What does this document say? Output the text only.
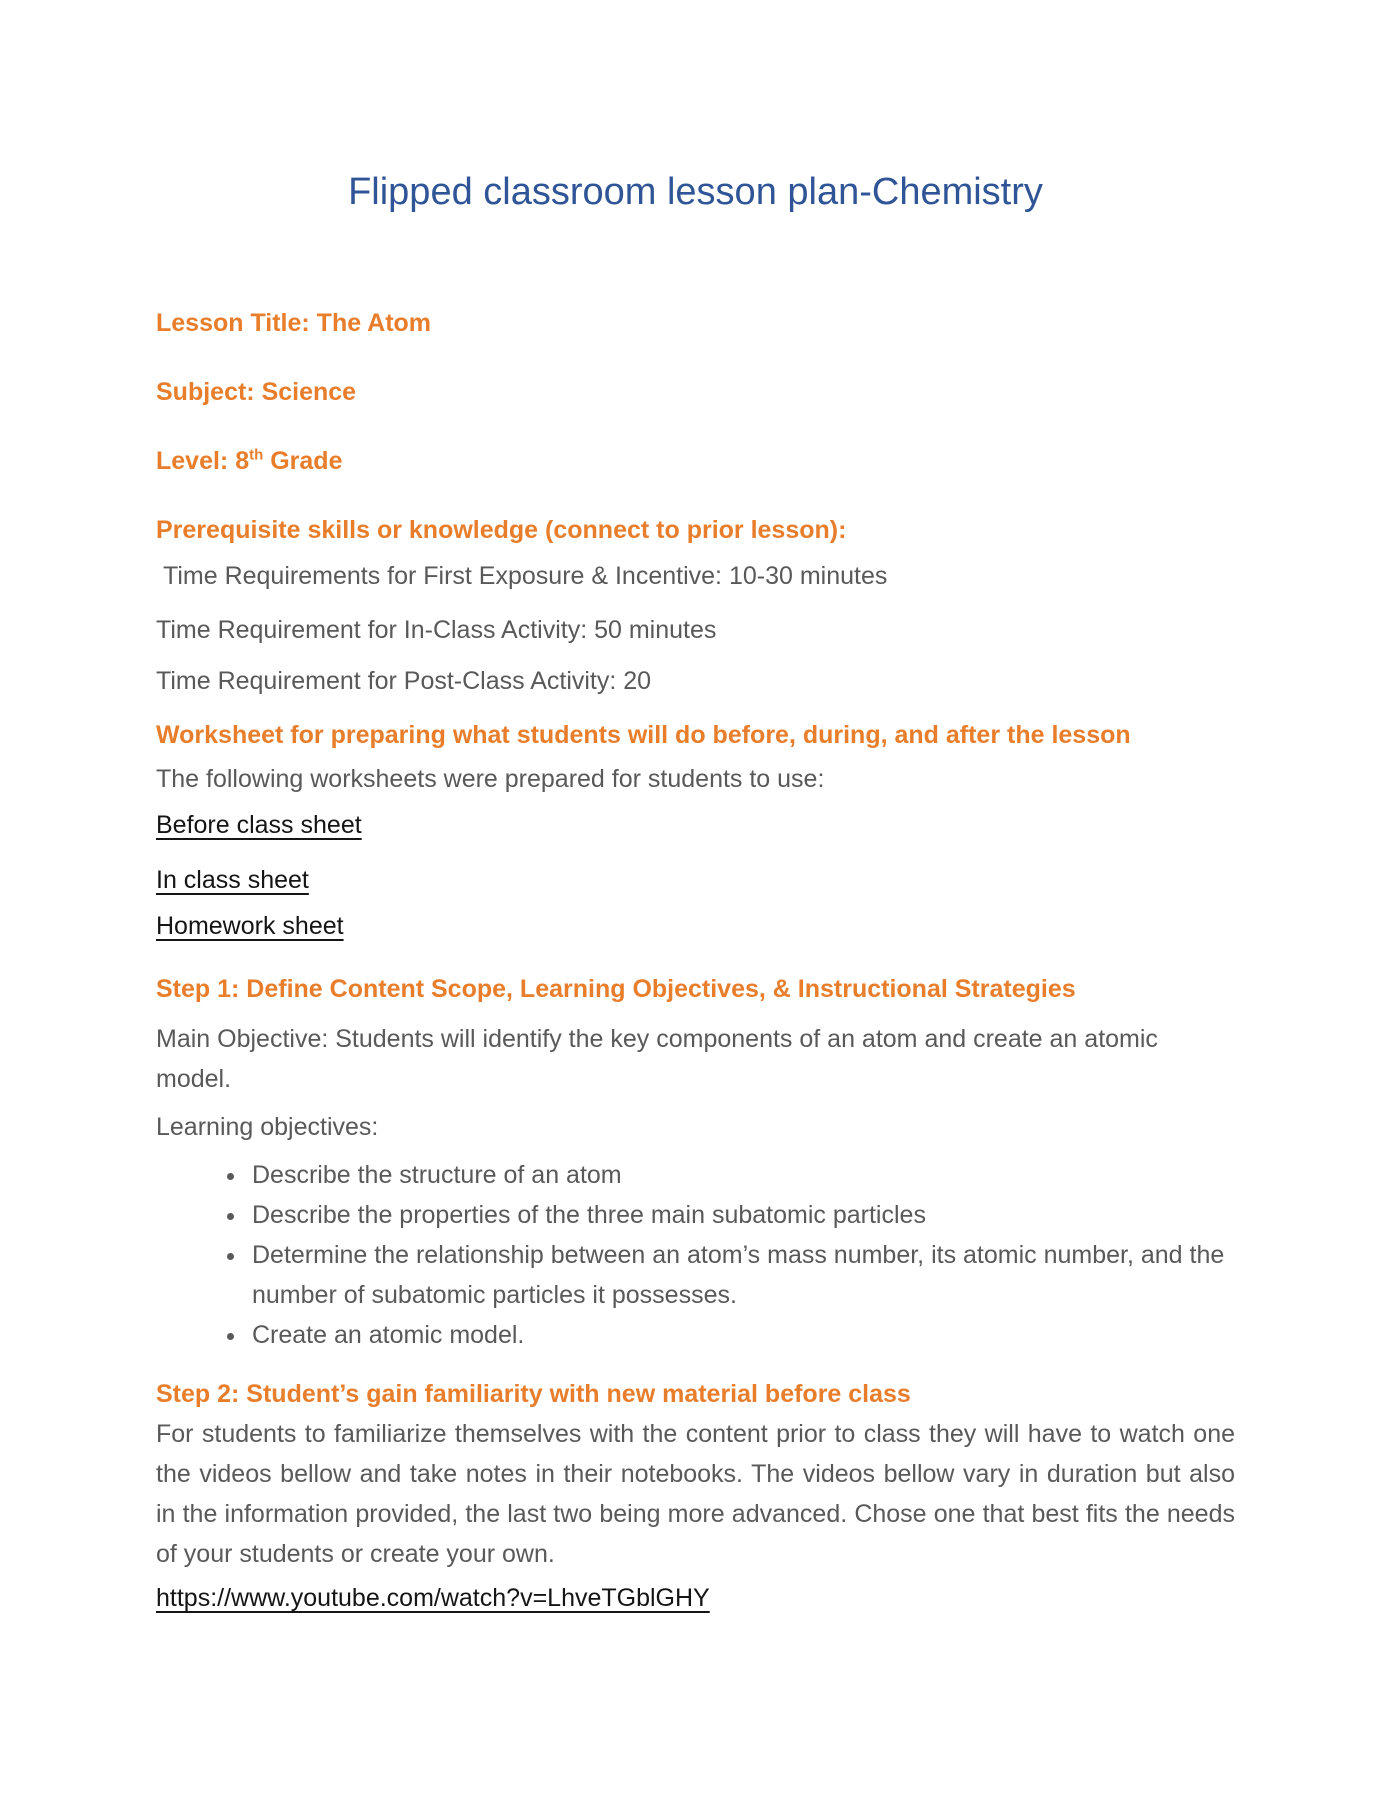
Flipped classroom lesson plan-Chemistry
Lesson Title: The Atom
Subject: Science
Level: 8th Grade
Prerequisite skills or knowledge (connect to prior lesson):

Time Requirements for First Exposure & Incentive: 10-30 minutes

Time Requirement for In-Class Activity: 50 minutes

Time Requirement for Post-Class Activity: 20

Worksheet for preparing what students will do before, during, and after the lesson

The following worksheets were prepared for students to use:

Before class sheet
In class sheet
Homework sheet
Step 1: Define Content Scope, Learning Objectives, & Instructional Strategies

Main Objective: Students will identify the key components of an atom and create an atomic model.

Learning objectives:

• Describe the structure of an atom
• Describe the properties of the three main subatomic particles
• Determine the relationship between an atom’s mass number, its atomic number, and the number of subatomic particles it possesses.
• Create an atomic model.
Step 2: Student’s gain familiarity with new material before class

For students to familiarize themselves with the content prior to class they will have to watch one the videos bellow and take notes in their notebooks. The videos bellow vary in duration but also in the information provided, the last two being more advanced. Chose one that best fits the needs of your students or create your own.

https://www.youtube.com/watch?v=LhveTGblGHY
